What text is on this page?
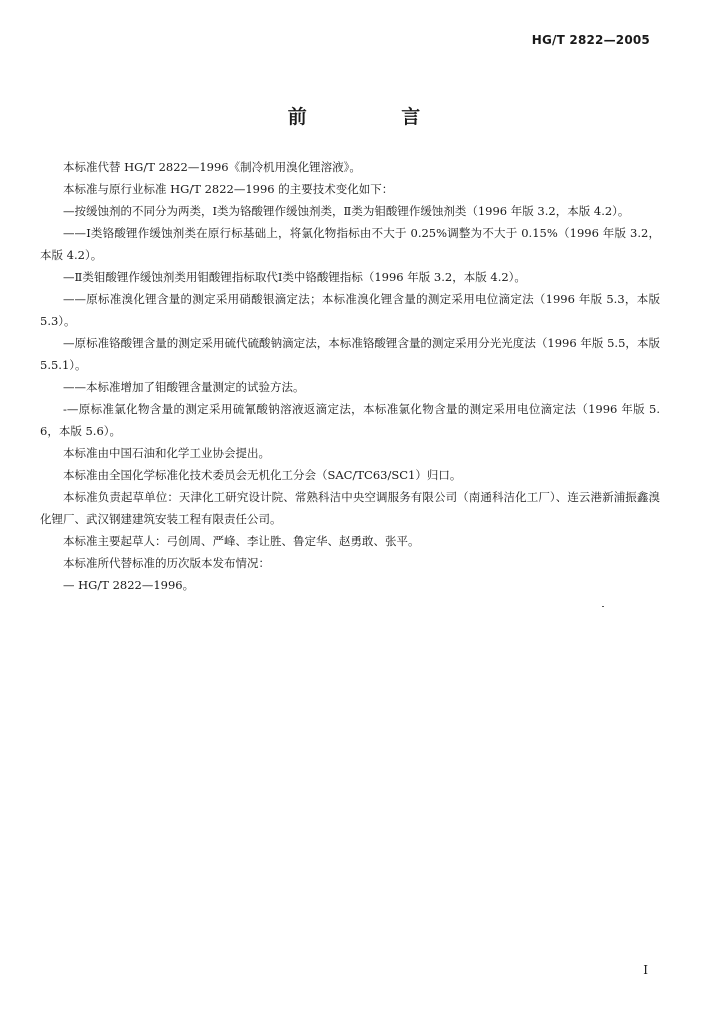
HG/T 2822—2005
前 言

本标准代替 HG/T 2822—1996《制冷机用溴化锂溶液》。

本标准与原行业标准 HG/T 2822—1996 的主要技术变化如下：

—按缓蚀剂的不同分为两类，Ⅰ类为铬酸锂作缓蚀剂类，Ⅱ类为钼酸锂作缓蚀剂类（1996 年版 3.2，本版 4.2）。

——Ⅰ类铬酸锂作缓蚀剂类在原行标基础上，将氯化物指标由不大于 0.25%调整为不大于 0.15%（1996 年版 3.2，本版 4.2）。

—Ⅱ类钼酸锂作缓蚀剂类用钼酸锂指标取代Ⅰ类中铬酸锂指标（1996 年版 3.2，本版 4.2）。

——原标准溴化锂含量的测定采用硝酸银滴定法；本标准溴化锂含量的测定采用电位滴定法（1996 年版 5.3，本版 5.3）。

—原标准铬酸锂含量的测定采用硫代硫酸钠滴定法，本标准铬酸锂含量的测定采用分光光度法（1996 年版 5.5，本版 5.5.1）。

——本标准增加了钼酸锂含量测定的试验方法。

-—原标准氯化物含量的测定采用硫氰酸钠溶液返滴定法，本标准氯化物含量的测定采用电位滴定法（1996 年版 5.6，本版 5.6）。

本标准由中国石油和化学工业协会提出。

本标准由全国化学标准化技术委员会无机化工分会（SAC/TC63/SC1）归口。

本标准负责起草单位：天津化工研究设计院、常熟科洁中央空调服务有限公司（南通科洁化工厂）、连云港新浦振鑫溴化锂厂、武汉钢建建筑安装工程有限责任公司。

本标准主要起草人：弓创周、严峰、李让胜、鲁定华、赵勇敢、张平。

本标准所代替标准的历次版本发布情况：

— HG/T 2822—1996。

I
